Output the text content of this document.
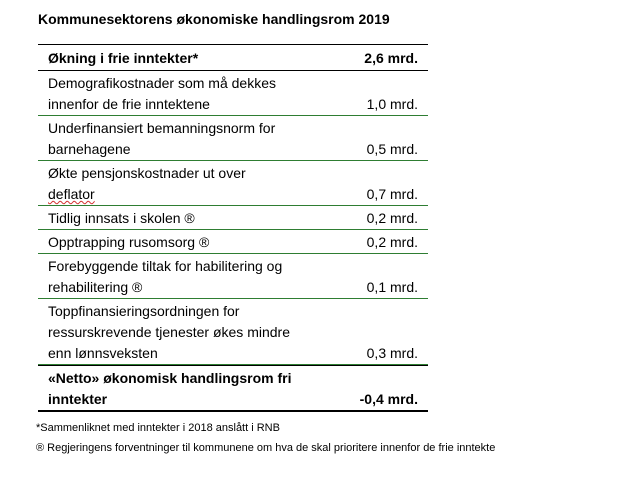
Kommunesektorens økonomiske handlingsrom 2019
Økning i frie inntekter*	2,6 mrd.
Demografikostnader som må dekkes
innenfor de frie inntektene	1,0 mrd.
Underfinansiert bemanningsnorm for
barnehagene	0,5 mrd.
Økte pensjonskostnader ut over
deflator	0,7 mrd.
Tidlig innsats i skolen ®	0,2 mrd.
Opptrapping rusomsorg ®	0,2 mrd.
Forebyggende tiltak for habilitering og
rehabilitering ®	0,1 mrd.
Toppfinansieringsordningen for
ressurskrevende tjenester økes mindre
enn lønnsveksten	0,3 mrd.
«Netto» økonomisk handlingsrom fri
inntekter	-0,4 mrd.
*Sammenliknet med inntekter i 2018 anslått i RNB
® Regjeringens forventninger til kommunene om hva de skal prioritere innenfor de frie inntekte
